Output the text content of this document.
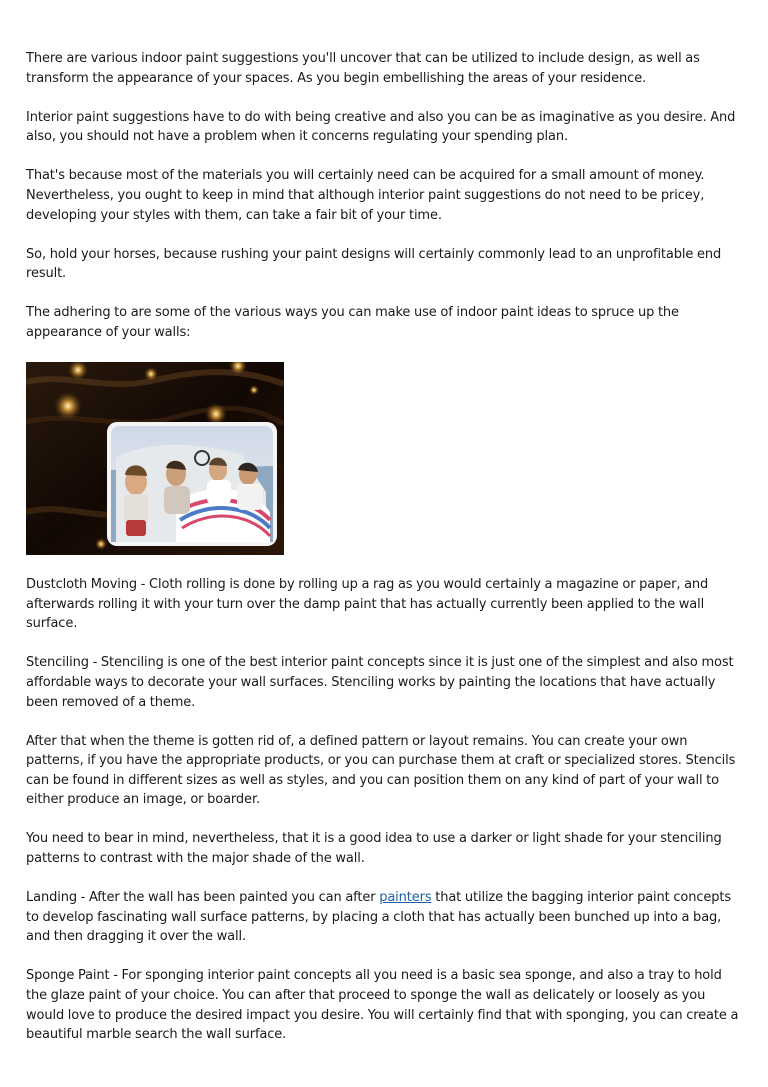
There are various indoor paint suggestions you'll uncover that can be utilized to include design, as well as transform the appearance of your spaces. As you begin embellishing the areas of your residence.

Interior paint suggestions have to do with being creative and also you can be as imaginative as you desire. And also, you should not have a problem when it concerns regulating your spending plan.

That's because most of the materials you will certainly need can be acquired for a small amount of money. Nevertheless, you ought to keep in mind that although interior paint suggestions do not need to be pricey, developing your styles with them, can take a fair bit of your time.

So, hold your horses, because rushing your paint designs will certainly commonly lead to an unprofitable end result.

The adhering to are some of the various ways you can make use of indoor paint ideas to spruce up the appearance of your walls:

Dustcloth Moving - Cloth rolling is done by rolling up a rag as you would certainly a magazine or paper, and afterwards rolling it with your turn over the damp paint that has actually currently been applied to the wall surface.

Stenciling - Stenciling is one of the best interior paint concepts since it is just one of the simplest and also most affordable ways to decorate your wall surfaces. Stenciling works by painting the locations that have actually been removed of a theme.

After that when the theme is gotten rid of, a defined pattern or layout remains. You can create your own patterns, if you have the appropriate products, or you can purchase them at craft or specialized stores. Stencils can be found in different sizes as well as styles, and you can position them on any kind of part of your wall to either produce an image, or boarder.

You need to bear in mind, nevertheless, that it is a good idea to use a darker or light shade for your stenciling patterns to contrast with the major shade of the wall.

Landing - After the wall has been painted you can after painters that utilize the bagging interior paint concepts to develop fascinating wall surface patterns, by placing a cloth that has actually been bunched up into a bag, and then dragging it over the wall.

Sponge Paint - For sponging interior paint concepts all you need is a basic sea sponge, and also a tray to hold the glaze paint of your choice. You can after that proceed to sponge the wall as delicately or loosely as you would love to produce the desired impact you desire. You will certainly find that with sponging, you can create a beautiful marble search the wall surface.
